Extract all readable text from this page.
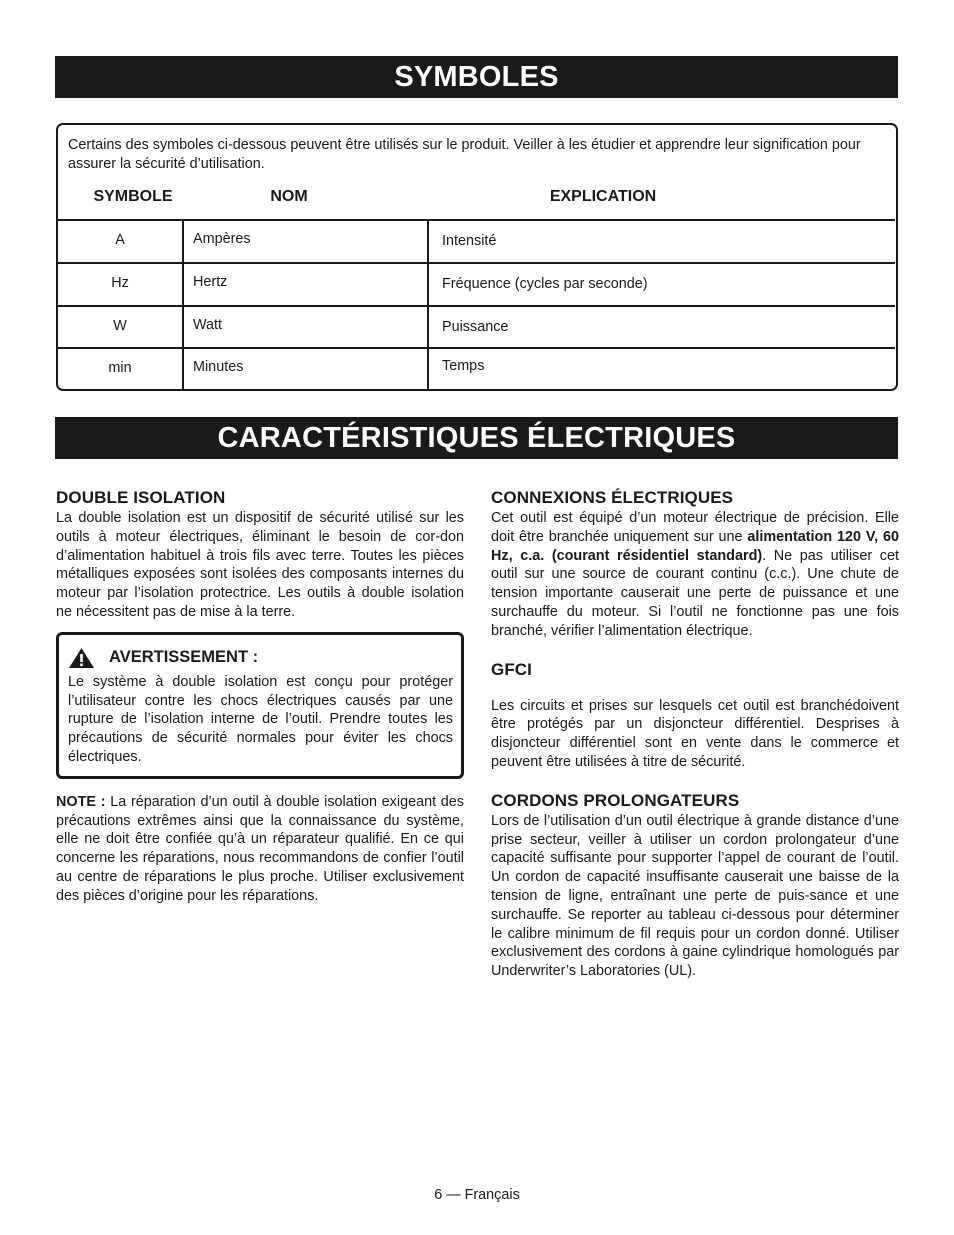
SYMBOLES

Certains des symboles ci-dessous peuvent être utilisés sur le produit. Veiller à les étudier et apprendre leur signification pour assurer la sécurité d’utilisation.

SYMBOLE	NOM	EXPLICATION
A	Ampères	Intensité
Hz	Hertz	Fréquence (cycles par seconde)
W	Watt	Puissance
min	Minutes	Temps
CARACTÉRISTIQUES ÉLECTRIQUES
DOUBLE ISOLATION

La double isolation est un dispositif de sécurité utilisé sur les outils à moteur électriques, éliminant le besoin de cor-don d’alimentation habituel à trois fils avec terre. Toutes les pièces métalliques exposées sont isolées des composants internes du moteur par l’isolation protectrice. Les outils à double isolation ne nécessitent pas de mise à la terre.

AVERTISSEMENT :

Le système à double isolation est conçu pour protéger l’utilisateur contre les chocs électriques causés par une rupture de l’isolation interne de l’outil. Prendre toutes les précautions de sécurité normales pour éviter les chocs électriques.

NOTE : La réparation d’un outil à double isolation exigeant des précautions extrêmes ainsi que la connaissance du système, elle ne doit être confiée qu’à un réparateur qualifié. En ce qui concerne les réparations, nous recommandons de confier l’outil au centre de réparations le plus proche. Utiliser exclusivement des pièces d’origine pour les réparations.

CONNEXIONS ÉLECTRIQUES

Cet outil est équipé d’un moteur électrique de précision. Elle doit être branchée uniquement sur une alimentation 120 V, 60 Hz, c.a. (courant résidentiel standard). Ne pas utiliser cet outil sur une source de courant continu (c.c.). Une chute de tension importante causerait une perte de puissance et une surchauffe du moteur. Si l’outil ne fonctionne pas une fois branché, vérifier l’alimentation électrique.

GFCI

Les circuits et prises sur lesquels cet outil est branchédoivent être protégés par un disjoncteur différentiel. Desprises à disjoncteur différentiel sont en vente dans le commerce et peuvent être utilisées à titre de sécurité.

CORDONS PROLONGATEURS

Lors de l’utilisation d’un outil électrique à grande distance d’une prise secteur, veiller à utiliser un cordon prolongateur d’une capacité suffisante pour supporter l’appel de courant de l’outil. Un cordon de capacité insuffisante causerait une baisse de la tension de ligne, entraînant une perte de puis-sance et une surchauffe. Se reporter au tableau ci-dessous pour déterminer le calibre minimum de fil requis pour un cordon donné. Utiliser exclusivement des cordons à gaine cylindrique homologués par Underwriter’s Laboratories (UL).

6 — Français
